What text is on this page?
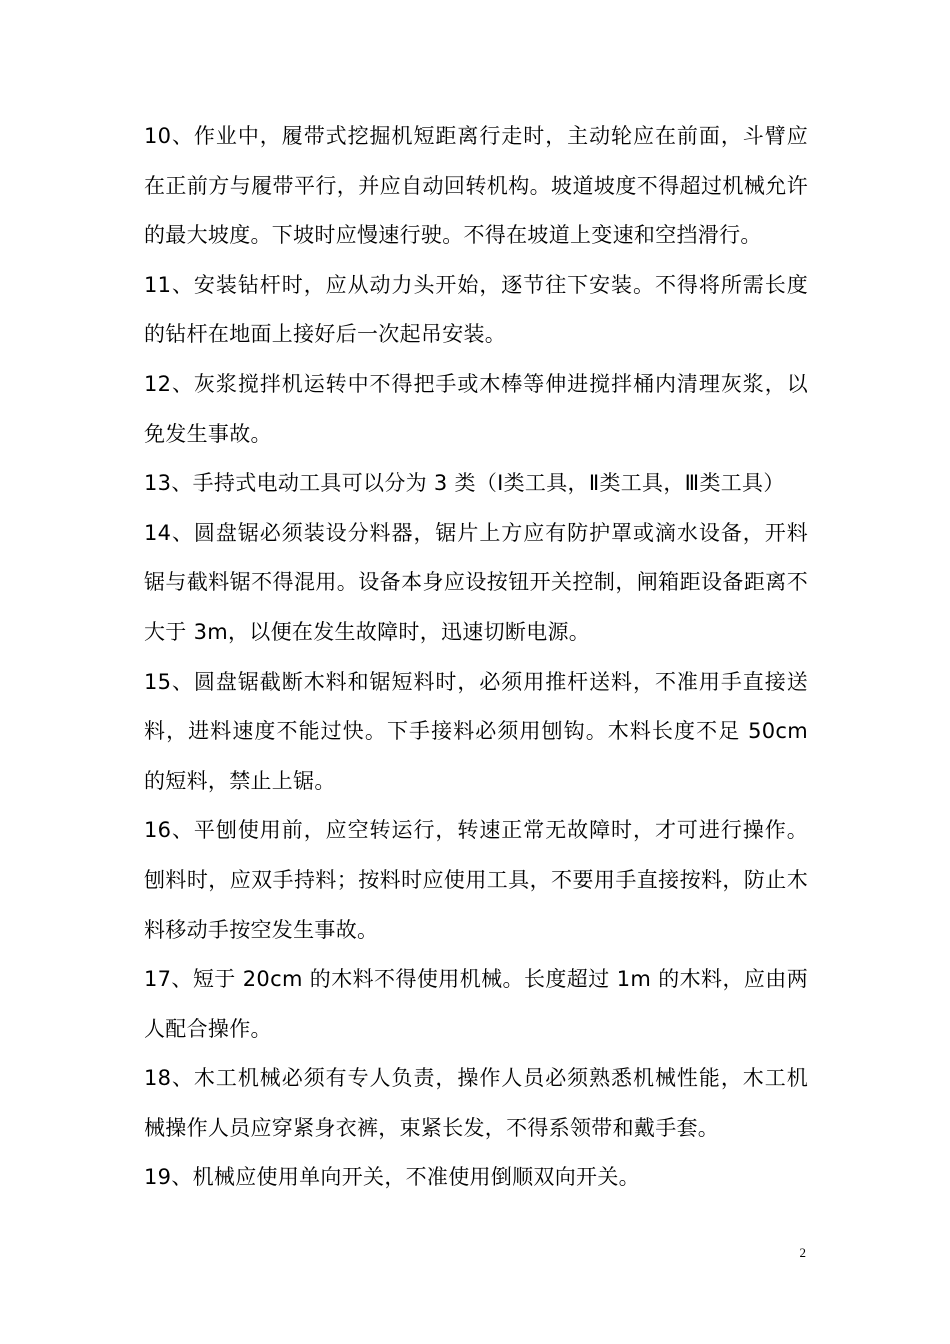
10、作业中，履带式挖掘机短距离行走时，主动轮应在前面，斗臂应在正前方与履带平行，并应自动回转机构。坡道坡度不得超过机械允许的最大坡度。下坡时应慢速行驶。不得在坡道上变速和空挡滑行。

11、安装钻杆时，应从动力头开始，逐节往下安装。不得将所需长度的钻杆在地面上接好后一次起吊安装。

12、灰浆搅拌机运转中不得把手或木棒等伸进搅拌桶内清理灰浆，以免发生事故。

13、手持式电动工具可以分为 3 类（Ⅰ类工具，Ⅱ类工具，Ⅲ类工具）

14、圆盘锯必须装设分料器，锯片上方应有防护罩或滴水设备，开料锯与截料锯不得混用。设备本身应设按钮开关控制，闸箱距设备距离不大于 3m，以便在发生故障时，迅速切断电源。

15、圆盘锯截断木料和锯短料时，必须用推杆送料，不准用手直接送料，进料速度不能过快。下手接料必须用刨钩。木料长度不足 50cm 的短料，禁止上锯。

16、平刨使用前，应空转运行，转速正常无故障时，才可进行操作。刨料时，应双手持料；按料时应使用工具，不要用手直接按料，防止木料移动手按空发生事故。

17、短于 20cm 的木料不得使用机械。长度超过 1m 的木料，应由两人配合操作。

18、木工机械必须有专人负责，操作人员必须熟悉机械性能，木工机械操作人员应穿紧身衣裤，束紧长发，不得系领带和戴手套。

19、机械应使用单向开关，不准使用倒顺双向开关。

2
